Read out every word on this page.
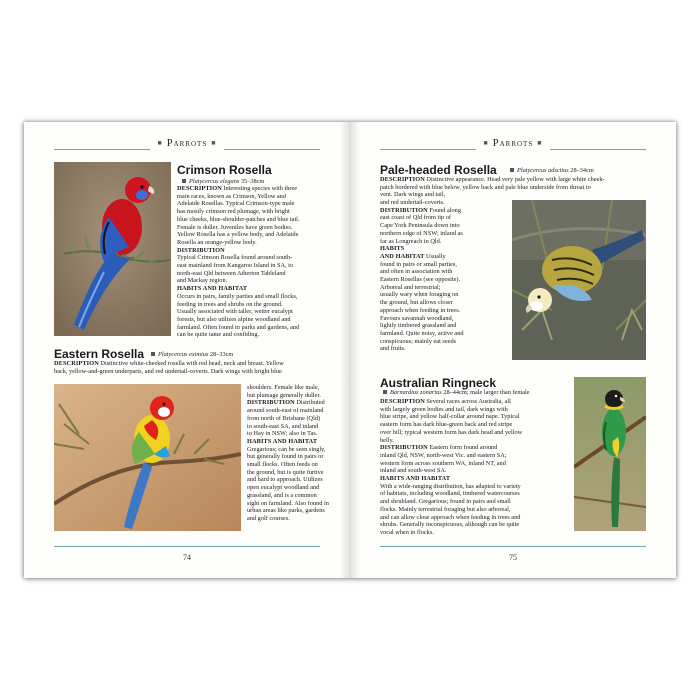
■ Parrots ■
Crimson Rosella
Platycercus elegans 35–38cm
DESCRIPTION Interesting species with three
main races, known as Crimson, Yellow and
Adelaide Rosellas. Typical Crimson-type male
has mostly crimson red plumage, with bright
blue cheeks, blue-shoulder-patches and blue tail.
Female is duller. Juveniles have green bodies.
Yellow Rosella has a yellow body, and Adelaide
Rosella an orange-yellow body.
DISTRIBUTION
Typical Crimson Rosella found around south-
east mainland from Kangaroo Island in SA, to
north-east Qld between Atherton Tableland
and Mackay region.
HABITS AND HABITAT
Occurs in pairs, family parties and small flocks,
feeding in trees and shrubs on the ground.
Usually associated with taller, wetter eucalypt
forests, but also utilizes alpine woodland and
farmland. Often found in parks and gardens, and
can be quite tame and confiding.
Eastern Rosella	Platycercus eximius 28–33cm
DESCRIPTION Distinctive white-cheeked rosella with red head, neck and breast. Yellow
back, yellow-and-green underparts, and red undertail-coverts. Dark wings with bright blue
shoulders. Female like male,
but plumage generally duller.
DISTRIBUTION Distributed
around south-east of mainland
from north of Brisbane (Qld)
to south-east SA, and inland
to Hay in NSW; also in Tas.
HABITS AND HABITAT
Gregarious; can be seen singly,
but generally found in pairs or
small flocks. Often feeds on
the ground, but is quite furtive
and hard to approach. Utilizes
open eucalypt woodland and
grassland, and is a common
sight on farmland. Also found in
urban areas like parks, gardens
and golf courses.
74
■ Parrots ■
Pale-headed Rosella	Platycercus adscitus 28–34cm
DESCRIPTION Distinctive appearance. Head very pale yellow with large white cheek-
patch bordered with blue below, yellow back and pale blue underside from throat to
vent. Dark wings and tail,
and red undertail-coverts.
DISTRIBUTION Found along
east coast of Qld from tip of
Cape York Peninsula down into
northern edge of NSW; inland as
far as Longreach in Qld.
HABITS
AND HABITAT Usually
found in pairs or small parties,
and often in association with
Eastern Rosellas (see opposite).
Arboreal and terrestrial;
usually wary when foraging on
the ground, but allows closer
approach when feeding in trees.
Favours savannah woodland,
lightly timbered grassland and
farmland. Quite noisy, active and
conspicuous; mainly eat seeds
and fruits.
Australian Ringneck
Barnardius zonarius 28–44cm; male larger than female
DESCRIPTION Several races across Australia, all
with largely green bodies and tail, dark wings with
blue stripe, and yellow half-collar around nape. Typical
eastern form has dark blue-green back and red stripe
over bill; typical western form has dark head and yellow
belly.
DISTRIBUTION Eastern form found around
inland Qld, NSW, north-west Vic. and eastern SA;
western form across southern WA, inland NT, and
inland and south-west SA.
HABITS AND HABITAT
With a wide-ranging distribution, has adapted to variety
of habitats, including woodland, timbered watercourses
and shrubland. Gregarious; found in pairs and small
flocks. Mainly terrestrial foraging but also arboreal,
and can allow close approach when feeding in trees and
shrubs. Generally inconspicuous, although can be quite
vocal when in flocks.
75
